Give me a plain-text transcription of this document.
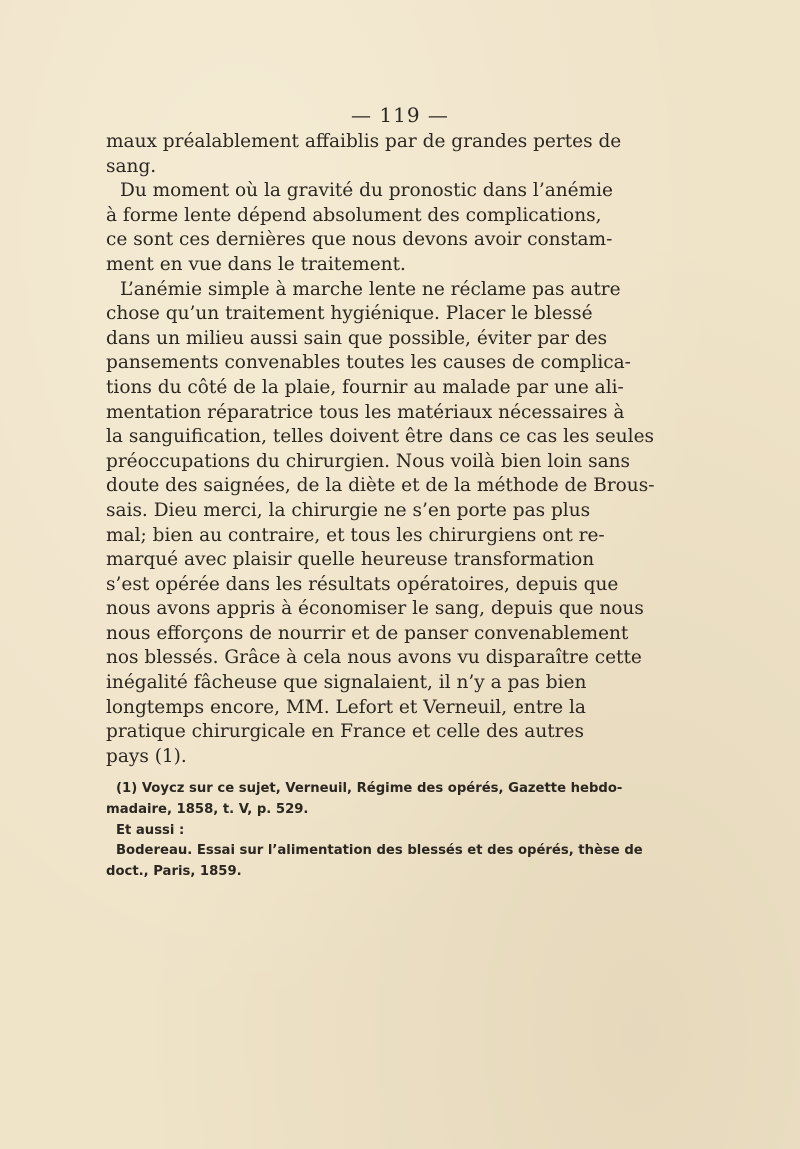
— 119 —
maux préalablement affaiblis par de grandes pertes de
sang.
Du moment où la gravité du pronostic dans l’anémie
à forme lente dépend absolument des complications,
ce sont ces dernières que nous devons avoir constam-
ment en vue dans le traitement.
L’anémie simple à marche lente ne réclame pas autre
chose qu’un traitement hygiénique. Placer le blessé
dans un milieu aussi sain que possible, éviter par des
pansements convenables toutes les causes de complica-
tions du côté de la plaie, fournir au malade par une ali-
mentation réparatrice tous les matériaux nécessaires à
la sanguification, telles doivent être dans ce cas les seules
préoccupations du chirurgien. Nous voilà bien loin sans
doute des saignées, de la diète et de la méthode de Brous-
sais. Dieu merci, la chirurgie ne s’en porte pas plus
mal; bien au contraire, et tous les chirurgiens ont re-
marqué avec plaisir quelle heureuse transformation
s’est opérée dans les résultats opératoires, depuis que
nous avons appris à économiser le sang, depuis que nous
nous efforçons de nourrir et de panser convenablement
nos blessés. Grâce à cela nous avons vu disparaître cette
inégalité fâcheuse que signalaient, il n’y a pas bien
longtemps encore, MM. Lefort et Verneuil, entre la
pratique chirurgicale en France et celle des autres
pays (1).
(1) Voycz sur ce sujet, Verneuil, Régime des opérés, Gazette hebdo-
madaire, 1858, t. V, p. 529.
Et aussi :
Bodereau. Essai sur l’alimentation des blessés et des opérés, thèse de
doct., Paris, 1859.
